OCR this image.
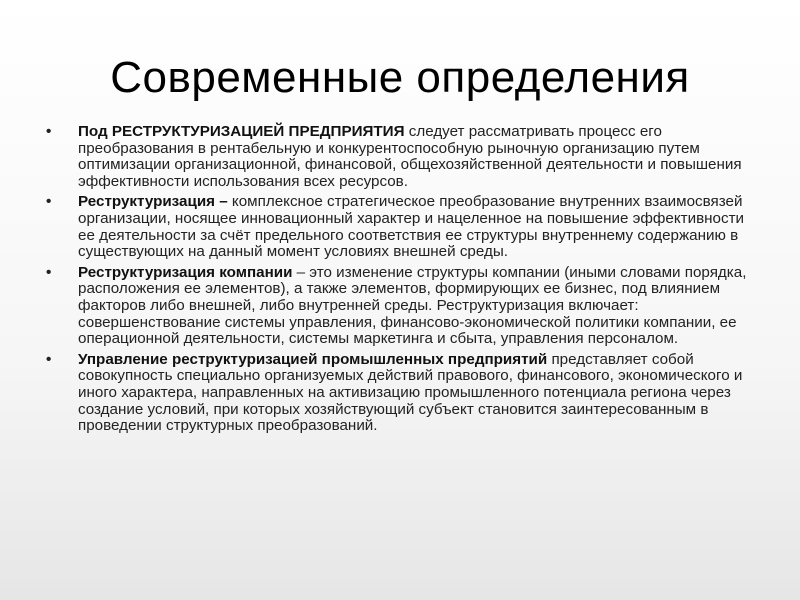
Современные определения
• Под РЕСТРУКТУРИЗАЦИЕЙ ПРЕДПРИЯТИЯ следует рассматривать процесс его преобразования в рентабельную и конкурентоспособную рыночную организацию путем оптимизации организационной, финансовой, общехозяйственной деятельности и повышения эффективности использования всех ресурсов.
• Реструктуризация – комплексное стратегическое преобразование внутренних взаимосвязей организации, носящее инновационный характер и нацеленное на повышение эффективности ее деятельности за счёт предельного соответствия ее структуры внутреннему содержанию в существующих на данный момент условиях внешней среды.
• Реструктуризация компании – это изменение структуры компании (иными словами порядка, расположения ее элементов), а также элементов, формирующих ее бизнес, под влиянием факторов либо внешней, либо внутренней среды. Реструктуризация включает: совершенствование системы управления, финансово-экономической политики компании, ее операционной деятельности, системы маркетинга и сбыта, управления персоналом.
• Управление реструктуризацией промышленных предприятий представляет собой совокупность специально организуемых действий правового, финансового, экономического и иного характера, направленных на активизацию промышленного потенциала региона через создание условий, при которых хозяйствующий субъект становится заинтересованным в проведении структурных преобразований.
